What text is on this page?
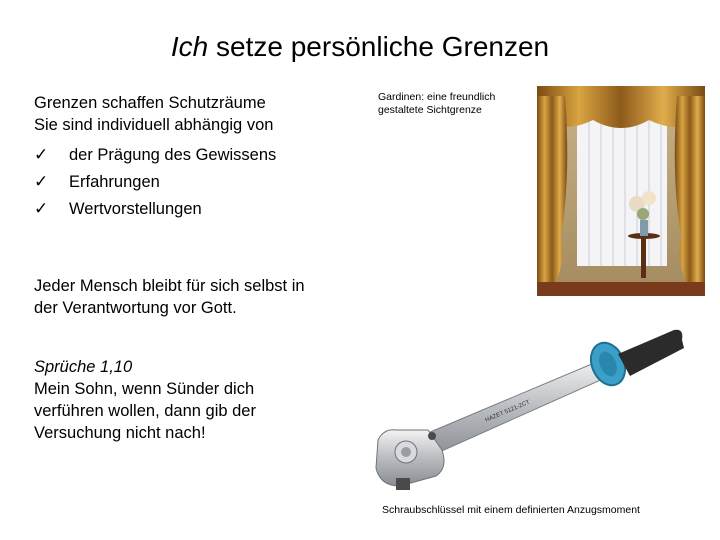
Ich setze persönliche Grenzen
Grenzen schaffen Schutzräume
Sie sind individuell abhängig von
✓ der Prägung des Gewissens
✓ Erfahrungen
✓ Wertvorstellungen
Jeder Mensch bleibt für sich selbst in
der Verantwortung vor Gott.
Sprüche 1,10
Mein Sohn, wenn Sünder dich
verführen wollen, dann gib der
Versuchung nicht nach!
Gardinen: eine freundlich
gestaltete Sichtgrenze
HAZET 5121-2CT
Schraubschlüssel mit einem definierten Anzugsmoment
